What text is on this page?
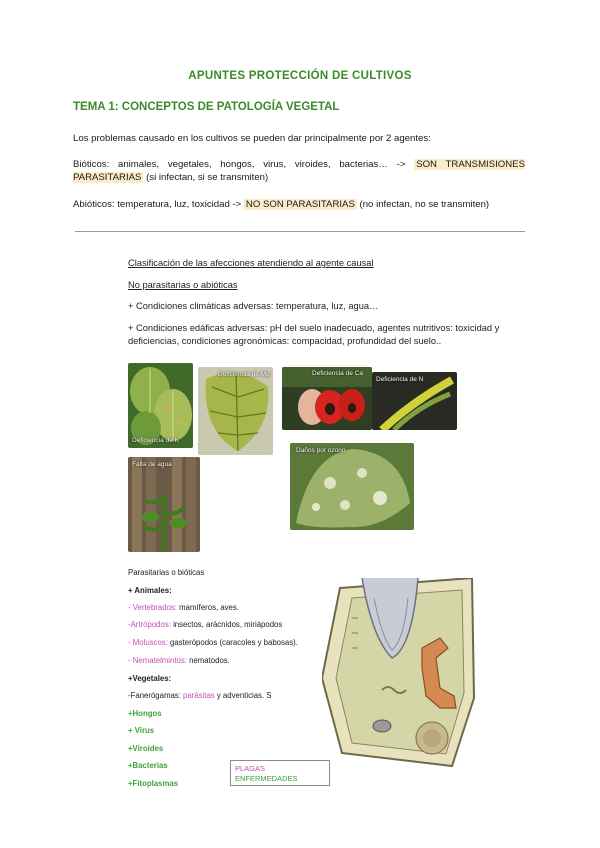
APUNTES PROTECCIÓN DE CULTIVOS
TEMA 1: CONCEPTOS DE PATOLOGÍA VEGETAL
Los problemas causado en los cultivos se pueden dar principalmente por 2 agentes:
Bióticos: animales, vegetales, hongos, virus, viroides, bacterias… -> SON TRANSMISIONES PARASITARIAS (si infectan, si se transmiten)
Abióticos: temperatura, luz, toxicidad -> NO SON PARASITARIAS (no infectan, no se transmiten)
Clasificación de las afecciones atendiendo al agente causal
No parasitarias o abióticas
+ Condiciones climáticas adversas: temperatura, luz, agua…
+ Condiciones edáficas adversas: pH del suelo inadecuado, agentes nutritivos: toxicidad y deficiencias, condiciones agronómicas: compacidad, profundidad del suelo..
Deficiencia de K
Deficiencia de Mg	Deficiencia de Ca
Deficiencia de N
Falta de agua
Daños por ozono
Parasitarias o bióticas
+ Animales:
- Vertebrados: mamíferos, aves.
-Artrópodos: insectos, arácnidos, miriápodos
- Moluscos: gasterópodos (caracoles y babosas).
- Nematelmintos: nematodos.
+Vegetales:
-Fanerógamas: parásitas y adventicias. S
+Hongos
+ Virus
+Viroides
+Bacterias
+Fitoplasmas
PLAGAS
ENFERMEDADES
